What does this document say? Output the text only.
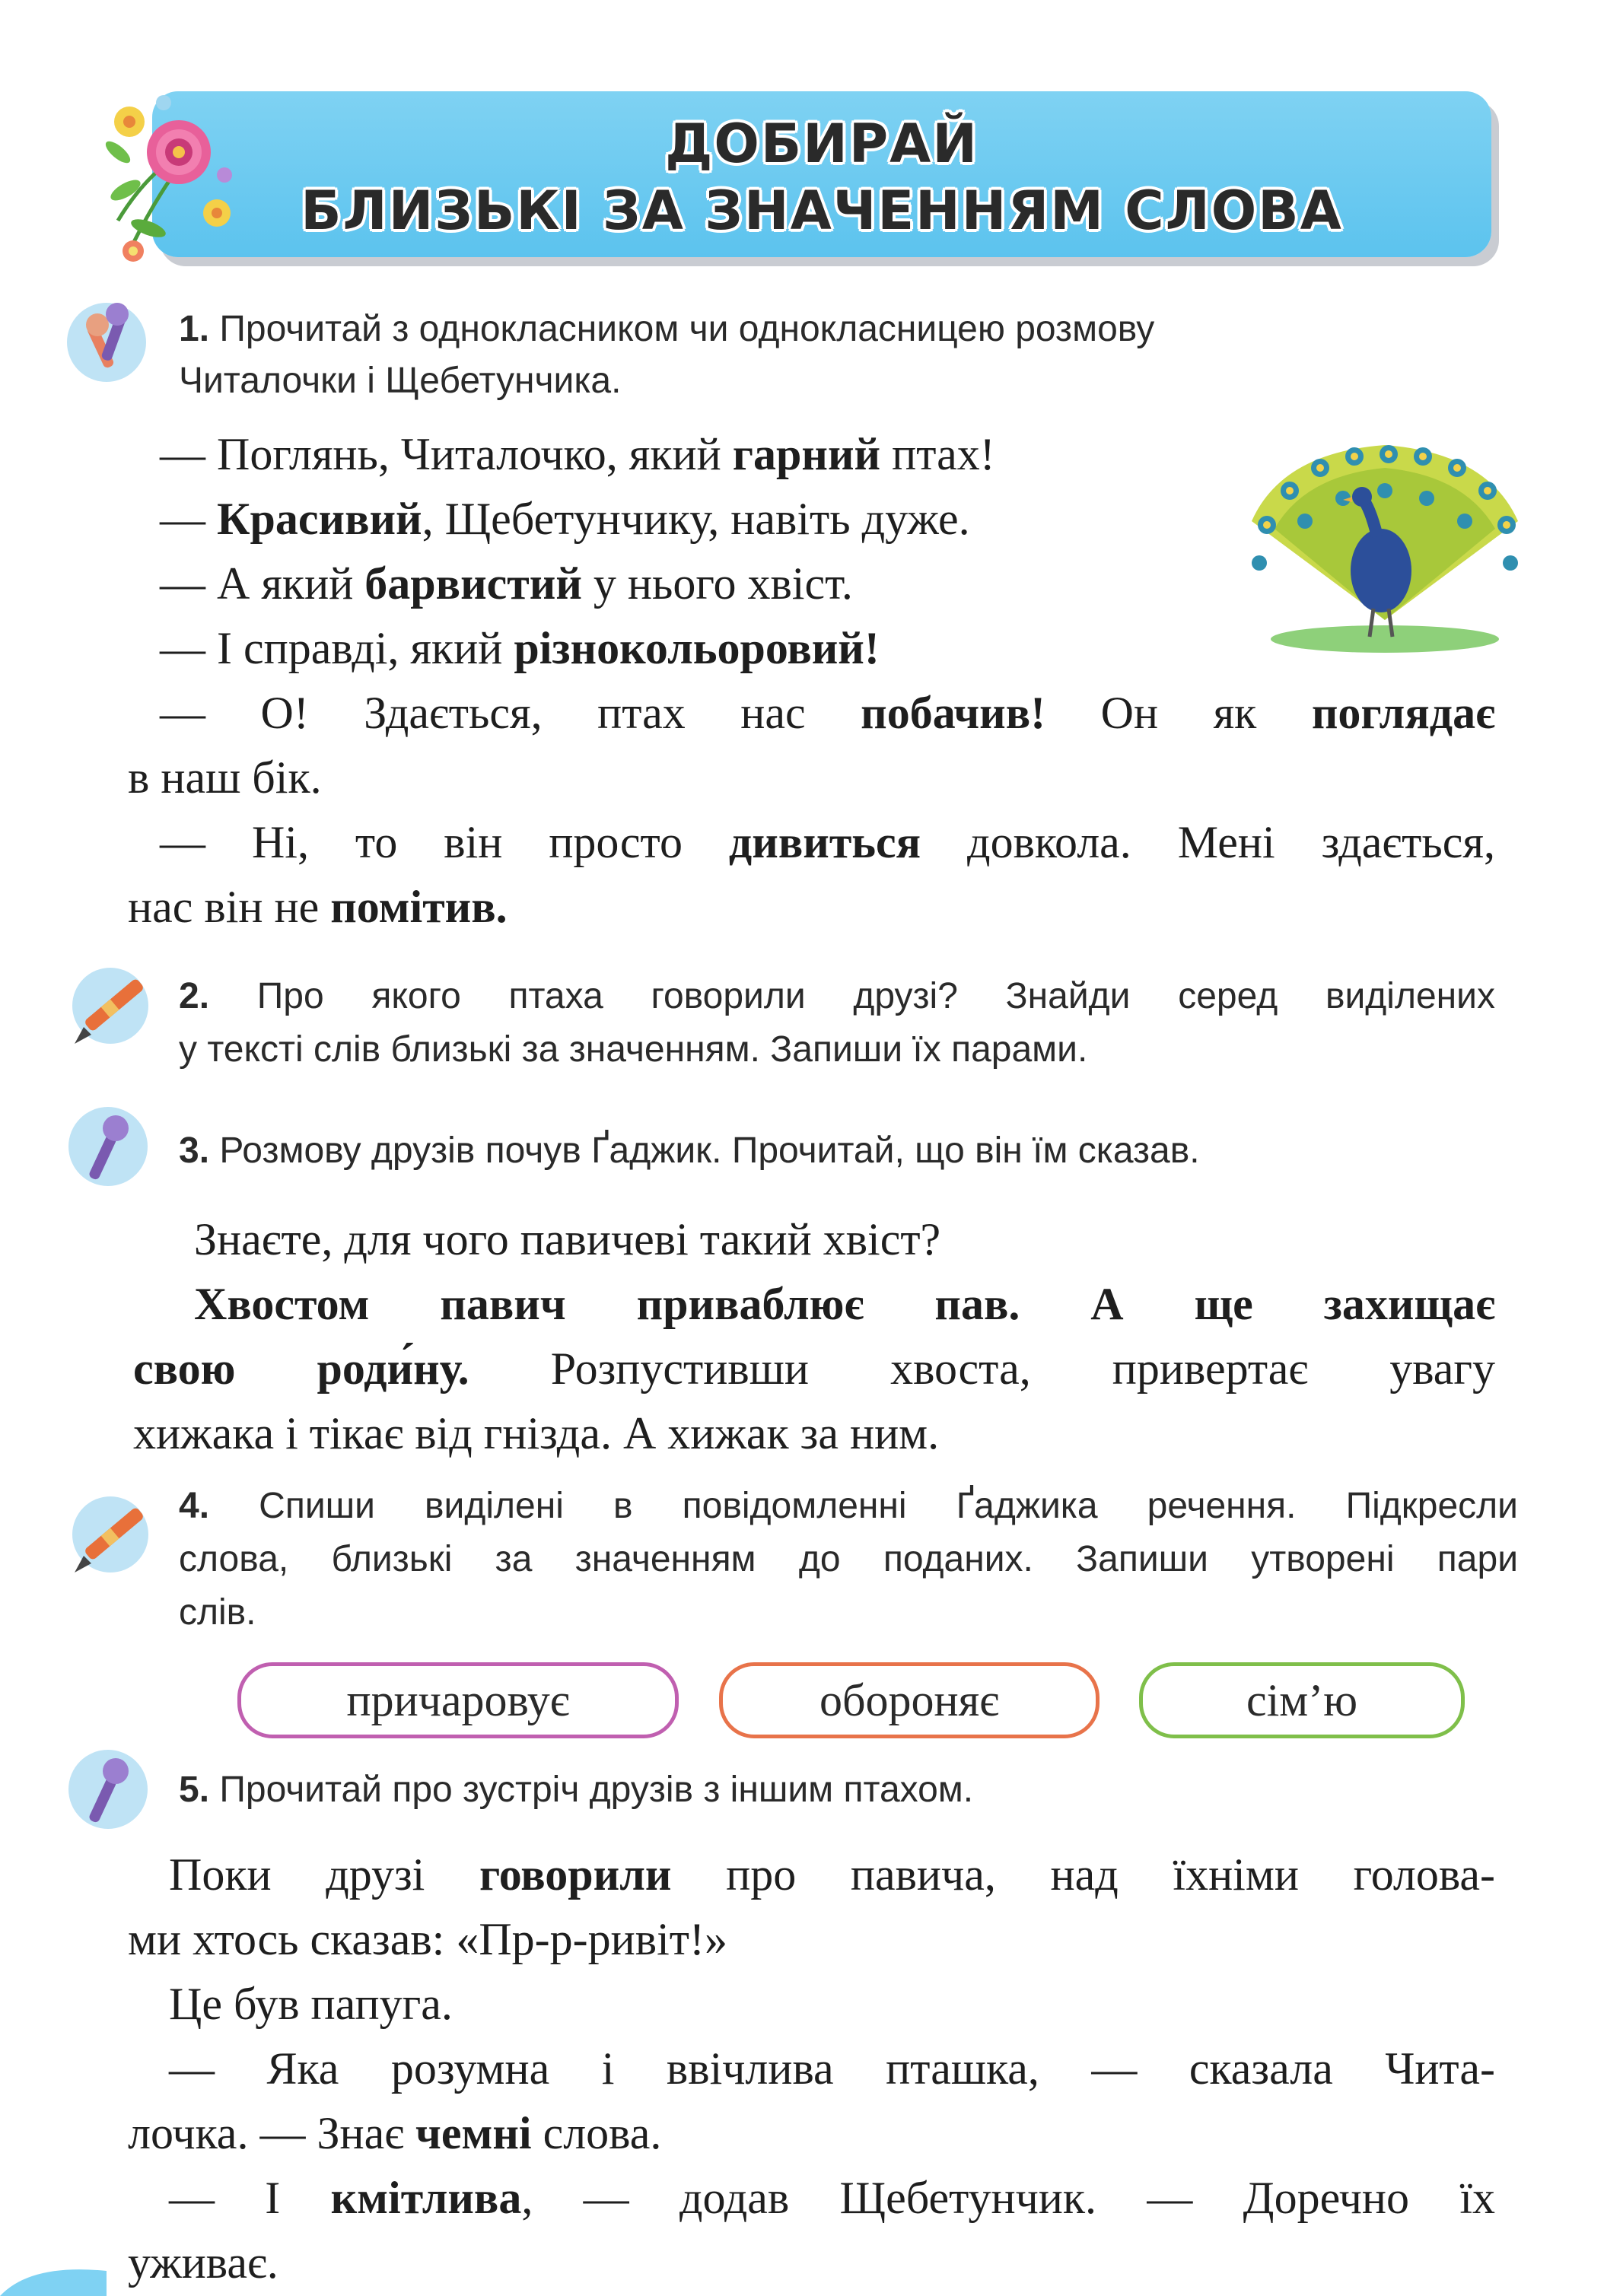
ДОБИРАЙ
БЛИЗЬКІ ЗА ЗНАЧЕННЯМ СЛОВА
1. Прочитай з однокласником чи однокласницею розмову
Читалочки і Щебетунчика.
— Поглянь, Читалочко, який гарний птах!
— Красивий, Щебетунчику, навіть дуже.
— А який барвистий у нього хвіст.
— І справді, який різнокольоровий!
— О! Здається, птах нас побачив! Он як поглядає
в наш бік.
— Ні, то він просто дивиться довкола. Мені здається,
нас він не помітив.
2. Про якого птаха говорили друзі? Знайди серед виділених
у тексті слів близькі за значенням. Запиши їх парами.
3. Розмову друзів почув Ґаджик. Прочитай, що він їм сказав.
Знаєте, для чого павичеві такий хвіст?
Хвостом павич приваблює пав. А ще захищає
свою роди́ну. Розпустивши хвоста, привертає увагу
хижака і тікає від гнізда. А хижак за ним.
4. Спиши виділені в повідомленні Ґаджика речення. Підкресли
слова, близькі за значенням до поданих. Запиши утворені пари
слів.
причаровує	обороняє	сім’ю
5. Прочитай про зустріч друзів з іншим птахом.
Поки друзі говорили про павича, над їхніми голова-
ми хтось сказав: «Пр-р-ривіт!»
Це був папуга.
— Яка розумна і ввічлива пташка, — сказала Чита-
лочка. — Знає чемні слова.
— І кмітлива, — додав Щебетунчик. — Доречно їх
уживає.
